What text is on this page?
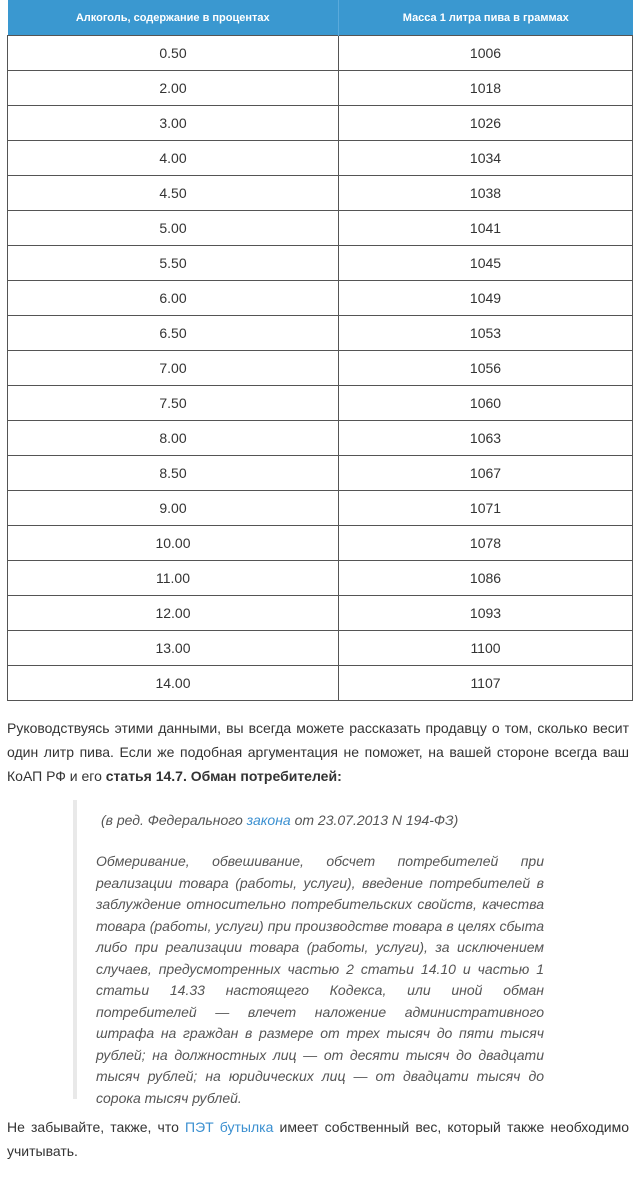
Алкоголь, содержание в процентах	Масса 1 литра пива в граммах
0.50	1006
2.00	1018
3.00	1026
4.00	1034
4.50	1038
5.00	1041
5.50	1045
6.00	1049
6.50	1053
7.00	1056
7.50	1060
8.00	1063
8.50	1067
9.00	1071
10.00	1078
11.00	1086
12.00	1093
13.00	1100
14.00	1107

Руководствуясь этими данными, вы всегда можете рассказать продавцу о том, сколько весит один литр пива. Если же подобная аргументация не поможет, на вашей стороне всегда ваш КоАП РФ и его статья 14.7. Обман потребителей:

(в ред. Федерального закона от 23.07.2013 N 194-ФЗ)

Обмеривание, обвешивание, обсчет потребителей при реализации товара (работы, услуги), введение потребителей в заблуждение относительно потребительских свойств, качества товара (работы, услуги) при производстве товара в целях сбыта либо при реализации товара (работы, услуги), за исключением случаев, предусмотренных частью 2 статьи 14.10 и частью 1 статьи 14.33 настоящего Кодекса, или иной обман потребителей — влечет наложение административного штрафа на граждан в размере от трех тысяч до пяти тысяч рублей; на должностных лиц — от десяти тысяч до двадцати тысяч рублей; на юридических лиц — от двадцати тысяч до сорока тысяч рублей.

Не забывайте, также, что ПЭТ бутылка имеет собственный вес, который также необходимо учитывать.
